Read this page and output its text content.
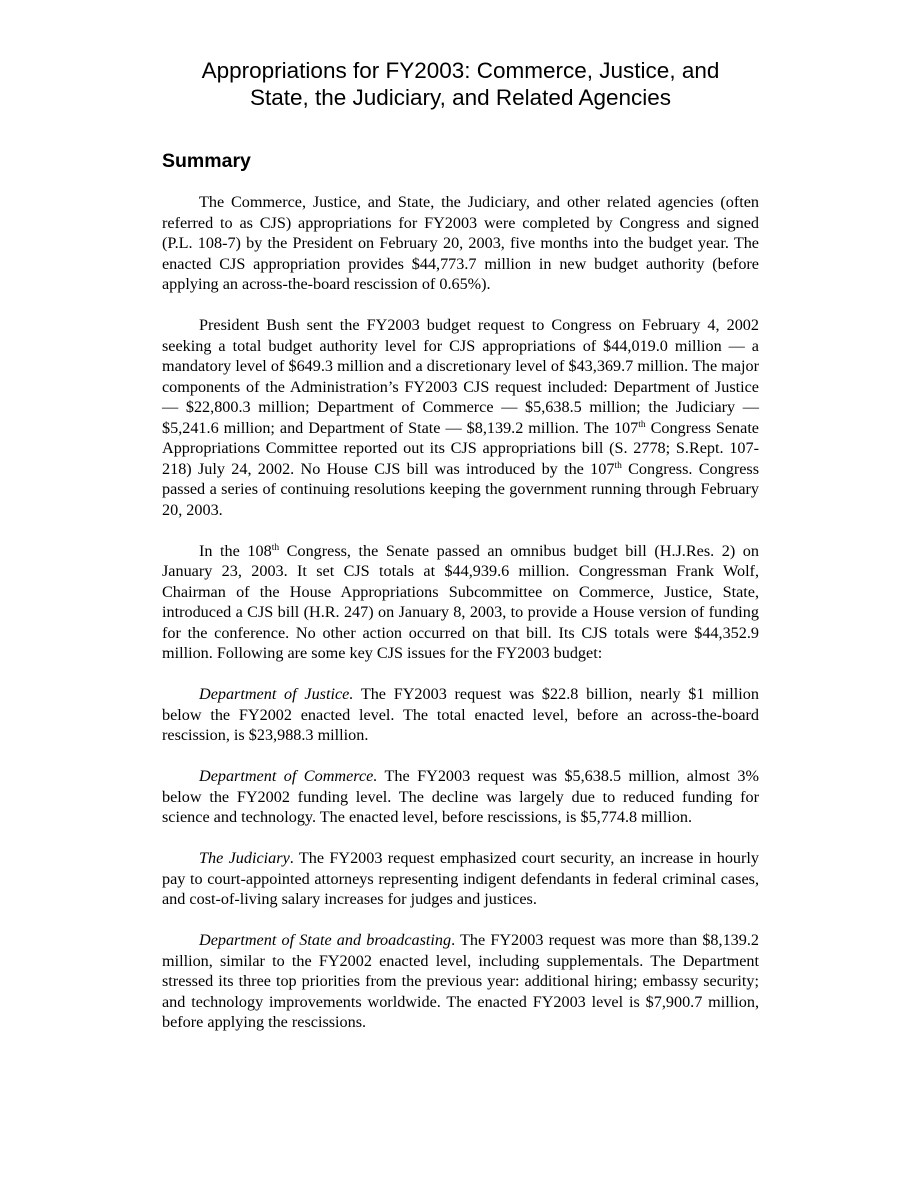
Appropriations for FY2003: Commerce, Justice, and
State, the Judiciary, and Related Agencies
Summary

The Commerce, Justice, and State, the Judiciary, and other related agencies (often referred to as CJS) appropriations for FY2003 were completed by Congress and signed (P.L. 108-7) by the President on February 20, 2003, five months into the budget year. The enacted CJS appropriation provides $44,773.7 million in new budget authority (before applying an across-the-board rescission of 0.65%).

President Bush sent the FY2003 budget request to Congress on February 4, 2002 seeking a total budget authority level for CJS appropriations of $44,019.0 million — a mandatory level of $649.3 million and a discretionary level of $43,369.7 million. The major components of the Administration’s FY2003 CJS request included: Department of Justice — $22,800.3 million; Department of Commerce — $5,638.5 million; the Judiciary — $5,241.6 million; and Department of State — $8,139.2 million. The 107th Congress Senate Appropriations Committee reported out its CJS appropriations bill (S. 2778; S.Rept. 107-218) July 24, 2002. No House CJS bill was introduced by the 107th Congress. Congress passed a series of continuing resolutions keeping the government running through February 20, 2003.

In the 108th Congress, the Senate passed an omnibus budget bill (H.J.Res. 2) on January 23, 2003. It set CJS totals at $44,939.6 million. Congressman Frank Wolf, Chairman of the House Appropriations Subcommittee on Commerce, Justice, State, introduced a CJS bill (H.R. 247) on January 8, 2003, to provide a House version of funding for the conference. No other action occurred on that bill. Its CJS totals were $44,352.9 million. Following are some key CJS issues for the FY2003 budget:

Department of Justice. The FY2003 request was $22.8 billion, nearly $1 million below the FY2002 enacted level. The total enacted level, before an across-the-board rescission, is $23,988.3 million.

Department of Commerce. The FY2003 request was $5,638.5 million, almost 3% below the FY2002 funding level. The decline was largely due to reduced funding for science and technology. The enacted level, before rescissions, is $5,774.8 million.

The Judiciary. The FY2003 request emphasized court security, an increase in hourly pay to court-appointed attorneys representing indigent defendants in federal criminal cases, and cost-of-living salary increases for judges and justices.

Department of State and broadcasting. The FY2003 request was more than $8,139.2 million, similar to the FY2002 enacted level, including supplementals. The Department stressed its three top priorities from the previous year: additional hiring; embassy security; and technology improvements worldwide. The enacted FY2003 level is $7,900.7 million, before applying the rescissions.
